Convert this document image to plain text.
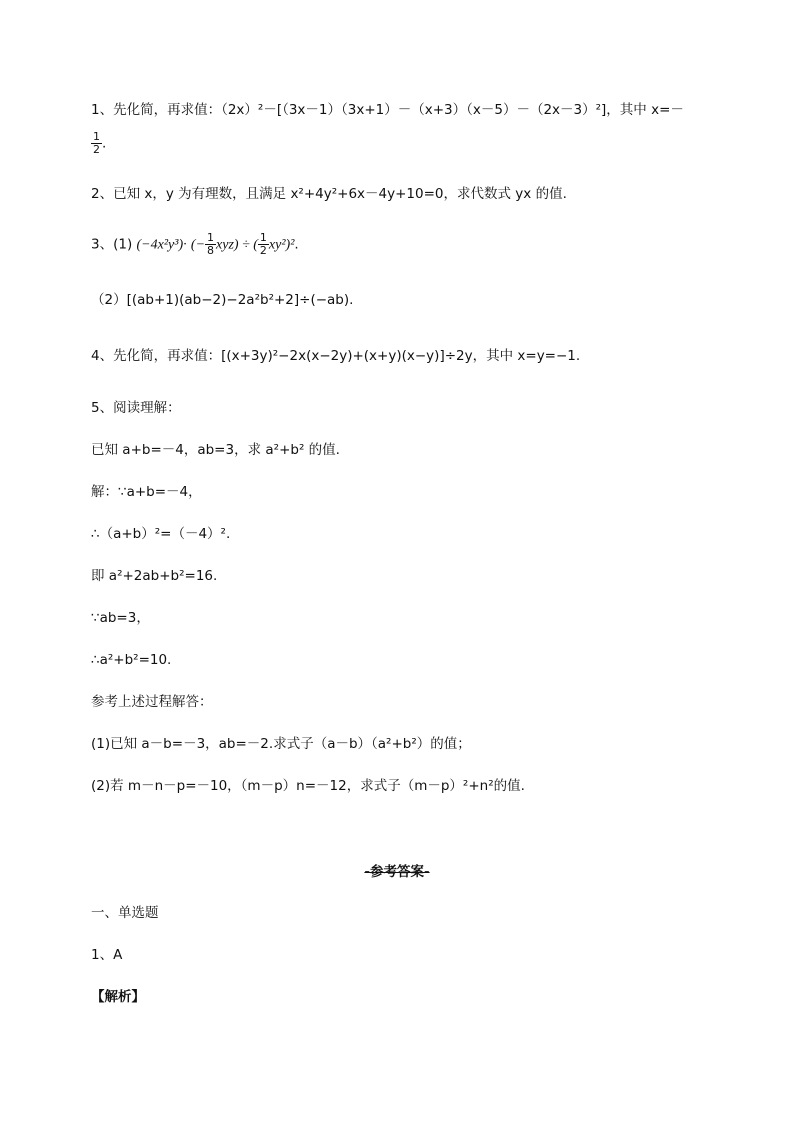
1、先化简，再求值：（2x）²－[（3x－1）（3x+1）－（x+3）（x－5）－（2x－3）²]，其中 x=－
$\frac{1}{2}$ .
2、已知 x，y 为有理数，且满足 x²+4y²+6x－4y+10=0，求代数式 yx 的值.
3、(1) (−4x²y³)· (− $\frac{1}{8} xyz$) ÷ ( $\frac{1}{2} xy^2)^2$.
（2）[(ab+1)(ab−2)−2a²b²+2]÷(−ab).
4、先化简，再求值：[(x+3y)²−2x(x−2y)+(x+y)(x−y)]÷2y，其中 x=y=−1.
5、阅读理解：
已知 a+b=－4，ab=3，求 a²+b² 的值.
解：∵a+b=－4，
∴（a+b）²=（－4）².
即 a²+2ab+b²=16.
∵ab=3，
∴a²+b²=10.
参考上述过程解答：
(1)已知 a－b=－3，ab=－2.求式子（a－b）（a²+b²）的值；
(2)若 m－n－p=－10，（m－p）n=－12，求式子（m－p）²+n²的值.
-参考答案-
一、单选题
1、A
【解析】
